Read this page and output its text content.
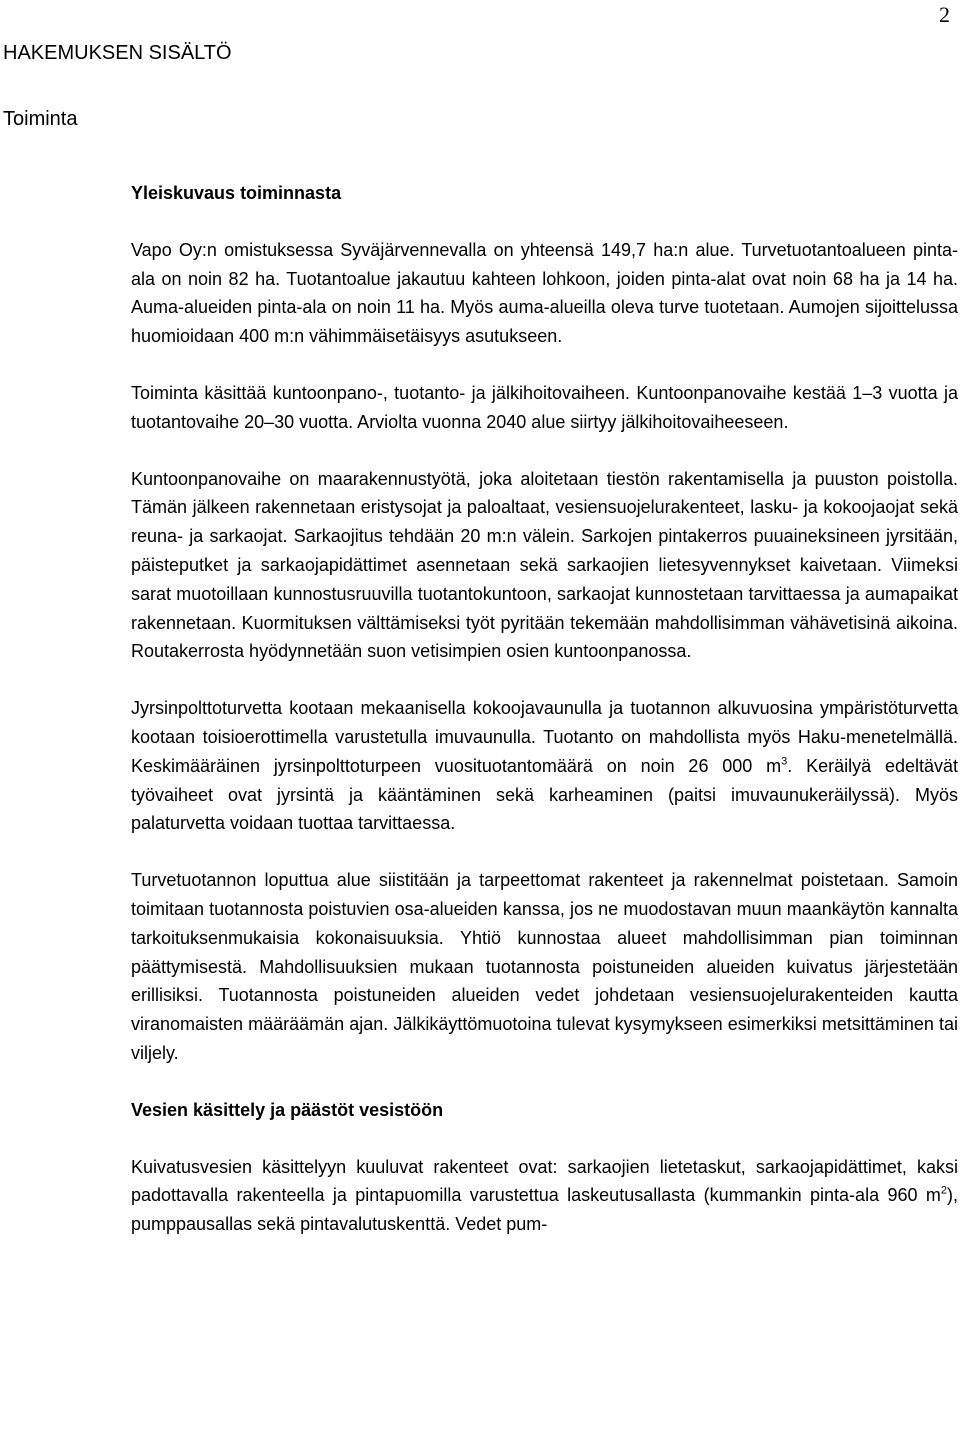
2
HAKEMUKSEN SISÄLTÖ
Toiminta
Yleiskuvaus toiminnasta

Vapo Oy:n omistuksessa Syväjärvennevalla on yhteensä 149,7 ha:n alue. Turvetuotantoalueen pinta-ala on noin 82 ha. Tuotantoalue jakautuu kahteen lohkoon, joiden pinta-alat ovat noin 68 ha ja 14 ha. Auma-alueiden pinta-ala on noin 11 ha. Myös auma-alueilla oleva turve tuotetaan. Aumojen sijoittelussa huomioidaan 400 m:n vähimmäisetäisyys asutukseen.

Toiminta käsittää kuntoonpano-, tuotanto- ja jälkihoitovaiheen. Kuntoonpanovaihe kestää 1–3 vuotta ja tuotantovaihe 20–30 vuotta. Arviolta vuonna 2040 alue siirtyy jälkihoitovaiheeseen.

Kuntoonpanovaihe on maarakennustyötä, joka aloitetaan tiestön rakentamisella ja puuston poistolla. Tämän jälkeen rakennetaan eristysojat ja paloaltaat, vesiensuojelurakenteet, lasku- ja kokoojaojat sekä reuna- ja sarkaojat. Sarkaojitus tehdään 20 m:n välein. Sarkojen pintakerros puuaineksineen jyrsitään, päisteputket ja sarkaojapidättimet asennetaan sekä sarkaojien lietesyvennykset kaivetaan. Viimeksi sarat muotoillaan kunnostusruuvilla tuotantokuntoon, sarkaojat kunnostetaan tarvittaessa ja aumapaikat rakennetaan. Kuormituksen välttämiseksi työt pyritään tekemään mahdollisimman vähävetisinä aikoina. Routakerrosta hyödynnetään suon vetisimpien osien kuntoonpanossa.

Jyrsinpolttoturvetta kootaan mekaanisella kokoojavaunulla ja tuotannon alkuvuosina ympäristöturvetta kootaan toisioerottimella varustetulla imuvaunulla. Tuotanto on mahdollista myös Haku-menetelmällä. Keskimääräinen jyrsinpolttoturpeen vuosituotantomäärä on noin 26 000 $m^3$. Keräilyä edeltävät työvaiheet ovat jyrsintä ja kääntäminen sekä karheaminen (paitsi imuvaunukeräilyssä). Myös palaturvetta voidaan tuottaa tarvittaessa.

Turvetuotannon loputtua alue siistitään ja tarpeettomat rakenteet ja rakennelmat poistetaan. Samoin toimitaan tuotannosta poistuvien osa-alueiden kanssa, jos ne muodostavan muun maankäytön kannalta tarkoituksenmukaisia kokonaisuuksia. Yhtiö kunnostaa alueet mahdollisimman pian toiminnan päättymisestä. Mahdollisuuksien mukaan tuotannosta poistuneiden alueiden kuivatus järjestetään erillisiksi. Tuotannosta poistuneiden alueiden vedet johdetaan vesiensuojelurakenteiden kautta viranomaisten määräämän ajan. Jälkikäyttömuotoina tulevat kysymykseen esimerkiksi metsittäminen tai viljely.

Vesien käsittely ja päästöt vesistöön

Kuivatusvesien käsittelyyn kuuluvat rakenteet ovat: sarkaojien lietetaskut, sarkaojapidättimet, kaksi padottavalla rakenteella ja pintapuomilla varustettua laskeutusallasta (kummankin pinta-ala 960 $m^2$), pumppausallas sekä pintavalutuskenttä. Vedet pum-
